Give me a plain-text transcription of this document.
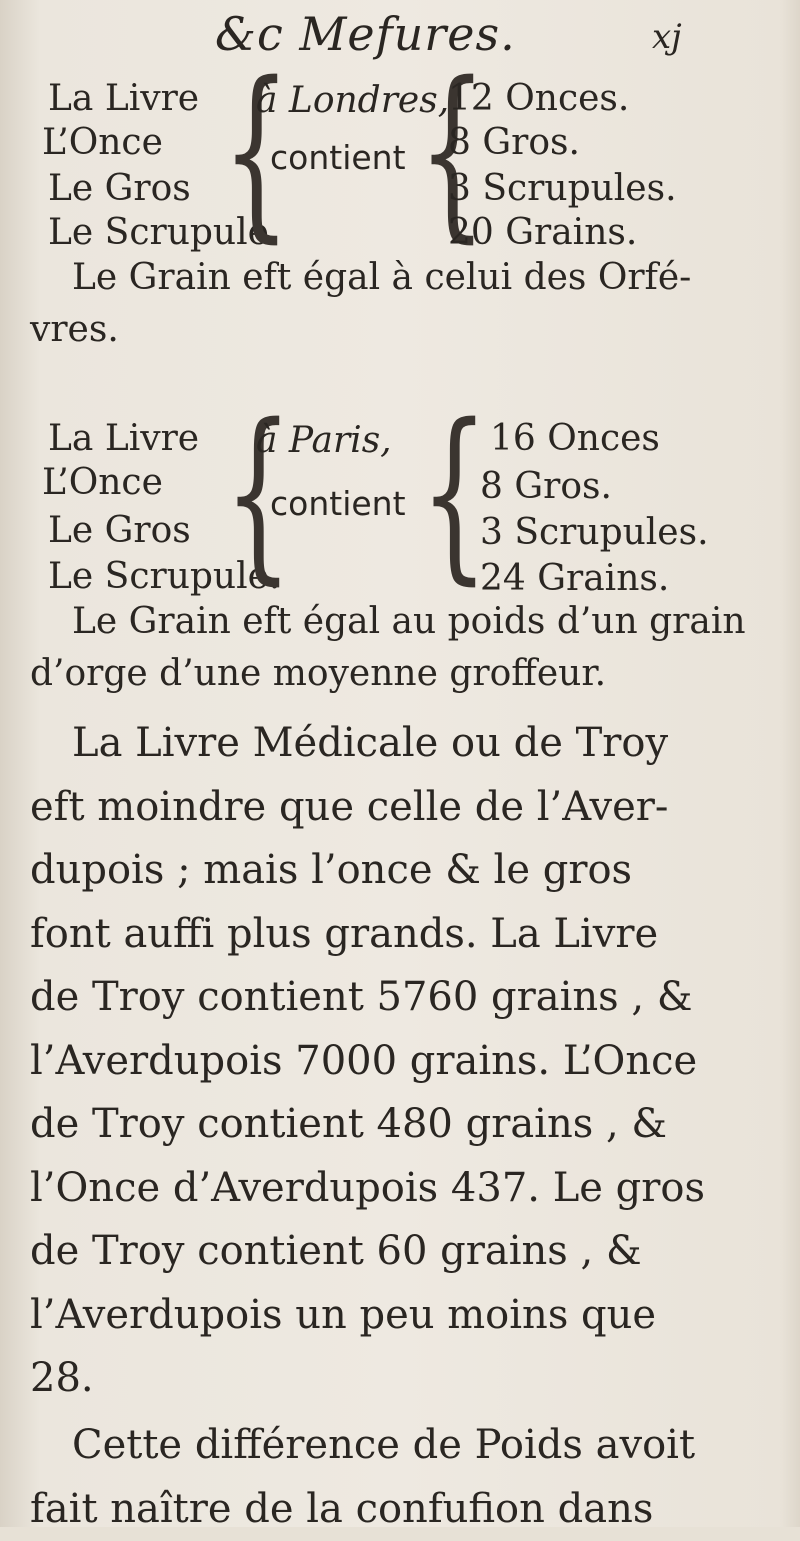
&c Mefures.	xj
La Livre
L’Once
Le Gros
Le Scrupule
{
à Londres,
contient {
12 Onces.
8 Gros.
3 Scrupules.
20 Grains.
Le Grain eft égal à celui des Orfé-
vres.
La Livre
L’Once
Le Gros
Le Scrupule.
{
à Paris,
contient { 16 Onces
8 Gros.
3 Scrupules.
24 Grains.
Le Grain eft égal au poids d’un grain
d’orge d’une moyenne groffeur.
La Livre Médicale ou de Troy
eft moindre que celle de l’Aver-
dupois ; mais l’once & le gros
font auffi plus grands. La Livre
de Troy contient 5760 grains , &
l’Averdupois 7000 grains. L’Once
de Troy contient 480 grains , &
l’Once d’Averdupois 437. Le gros
de Troy contient 60 grains , &
l’Averdupois un peu moins que
28.
Cette différence de Poids avoit
fait naître de la confufion dans
